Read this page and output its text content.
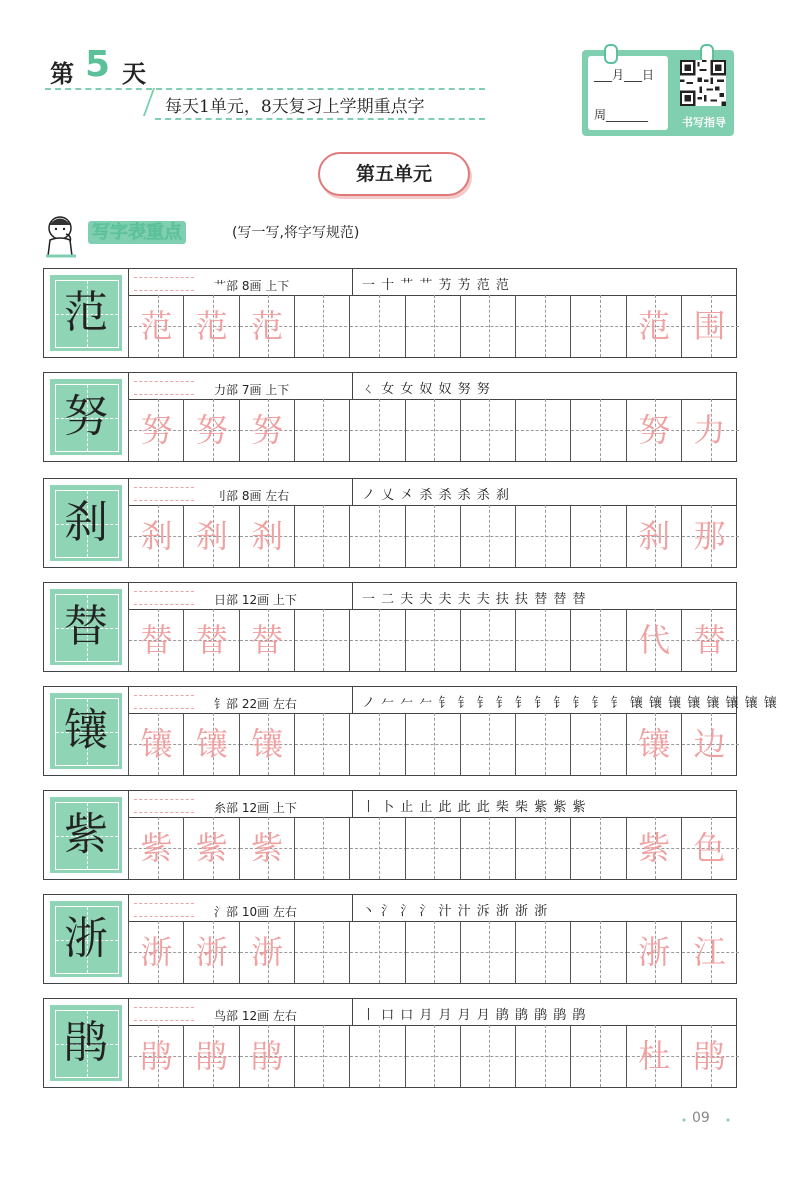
第 5 天
每天1单元，8天复习上学期重点字
___月___日
周_______
书写指导
第五单元
写字表重点	(写一写,将字写规范)
范
艹部 8画 上下	一 十 艹 艹 艻 艻 范 范
范 范 范	范 围
努
力部 7画 上下	ㄑ 女 女 奴 奴 努 努
努 努 努	努 力
刹
刂部 8画 左右	ノ 乂 㐅 杀 杀 杀 杀 刹
刹 刹 刹	刹 那
替
日部 12画 上下	一 二 夫 夫 夫 夫 夫 扶 扶 替 替 替
替 替 替	代 替
镶
钅部 22画 左右	ノ 𠂉 𠂉 𠂉 钅 钅 钅 钅 钅 钅 钅 钅 钅 钅 镶 镶 镶 镶 镶 镶 镶 镶
镶 镶 镶	镶 边
紫
糸部 12画 上下	丨 卜 止 止 此 此 此 柴 柴 紫 紫 紫
紫 紫 紫	紫 色
浙
氵部 10画 左右	丶 氵 氵 氵 汁 汁 泝 浙 浙 浙
浙 浙 浙	浙 江
鹃
鸟部 12画 左右	丨 口 口 月 月 月 月 鹃 鹃 鹃 鹃 鹃
鹃 鹃 鹃	杜 鹃
09
